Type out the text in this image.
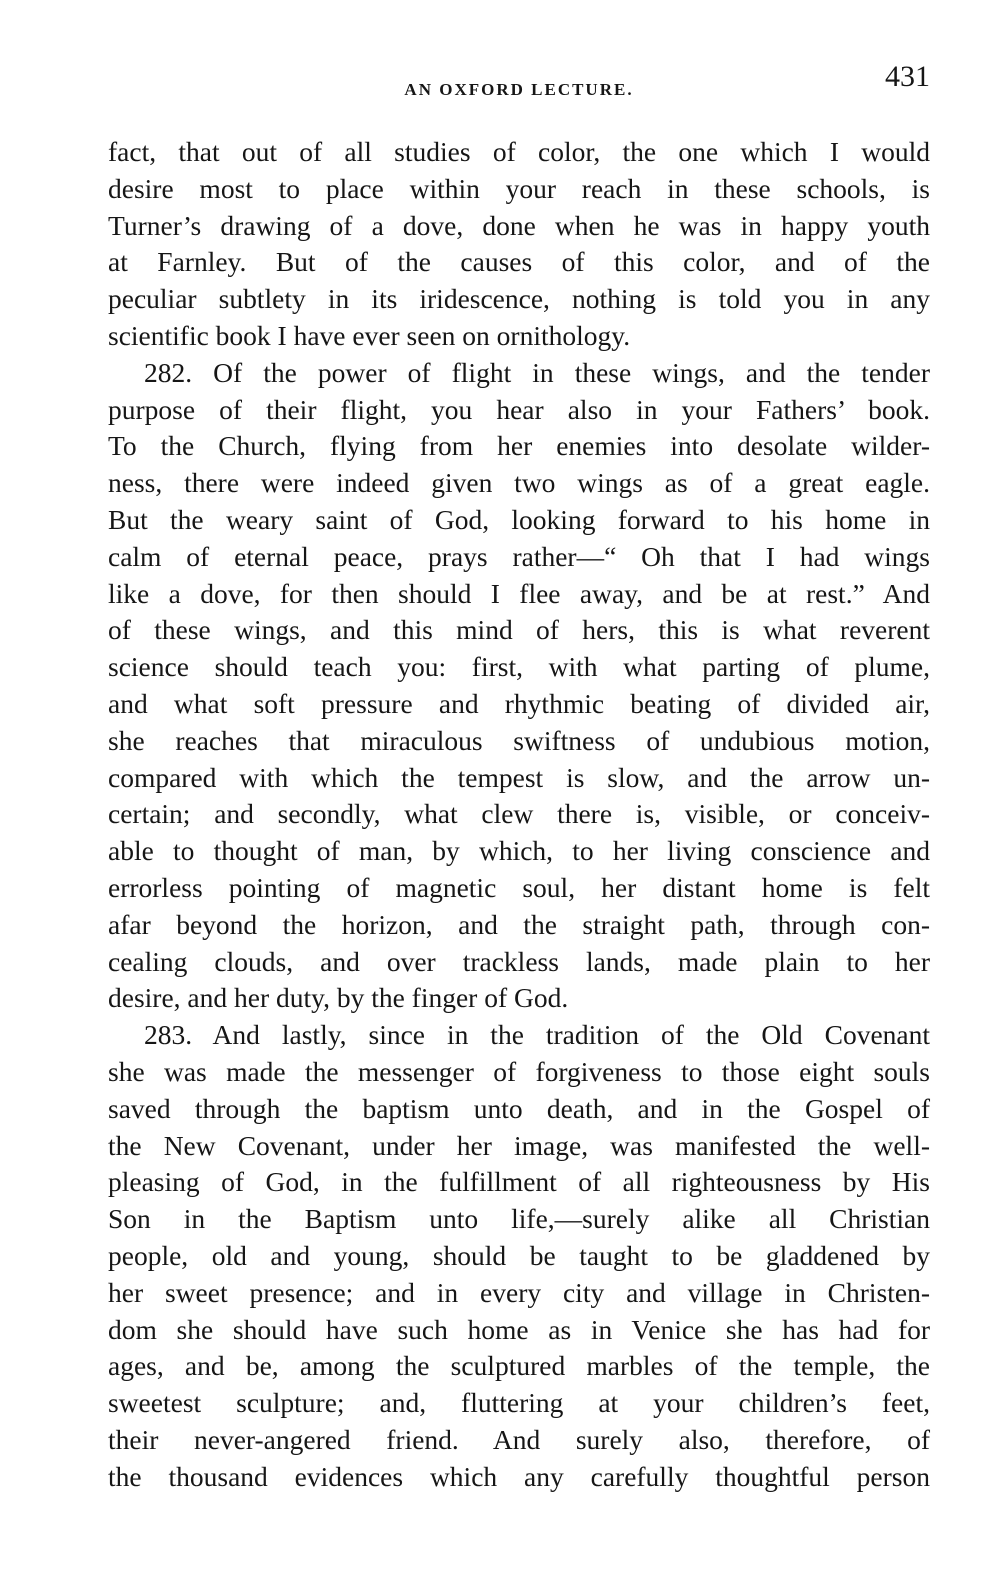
AN OXFORD LECTURE.	431
fact, that out of all studies of color, the one which I would
desire most to place within your reach in these schools, is
Turner’s drawing of a dove, done when he was in happy youth
at Farnley. But of the causes of this color, and of the
peculiar subtlety in its iridescence, nothing is told you in any
scientific book I have ever seen on ornithology.
282. Of the power of flight in these wings, and the tender
purpose of their flight, you hear also in your Fathers’ book.
To the Church, flying from her enemies into desolate wilder-
ness, there were indeed given two wings as of a great eagle.
But the weary saint of God, looking forward to his home in
calm of eternal peace, prays rather—“ Oh that I had wings
like a dove, for then should I flee away, and be at rest.” And
of these wings, and this mind of hers, this is what reverent
science should teach you: first, with what parting of plume,
and what soft pressure and rhythmic beating of divided air,
she reaches that miraculous swiftness of undubious motion,
compared with which the tempest is slow, and the arrow un-
certain; and secondly, what clew there is, visible, or conceiv-
able to thought of man, by which, to her living conscience and
errorless pointing of magnetic soul, her distant home is felt
afar beyond the horizon, and the straight path, through con-
cealing clouds, and over trackless lands, made plain to her
desire, and her duty, by the finger of God.
283. And lastly, since in the tradition of the Old Covenant
she was made the messenger of forgiveness to those eight souls
saved through the baptism unto death, and in the Gospel of
the New Covenant, under her image, was manifested the well-
pleasing of God, in the fulfillment of all righteousness by His
Son in the Baptism unto life,—surely alike all Christian
people, old and young, should be taught to be gladdened by
her sweet presence; and in every city and village in Christen-
dom she should have such home as in Venice she has had for
ages, and be, among the sculptured marbles of the temple, the
sweetest sculpture; and, fluttering at your children’s feet,
their never-angered friend. And surely also, therefore, of
the thousand evidences which any carefully thoughtful person
